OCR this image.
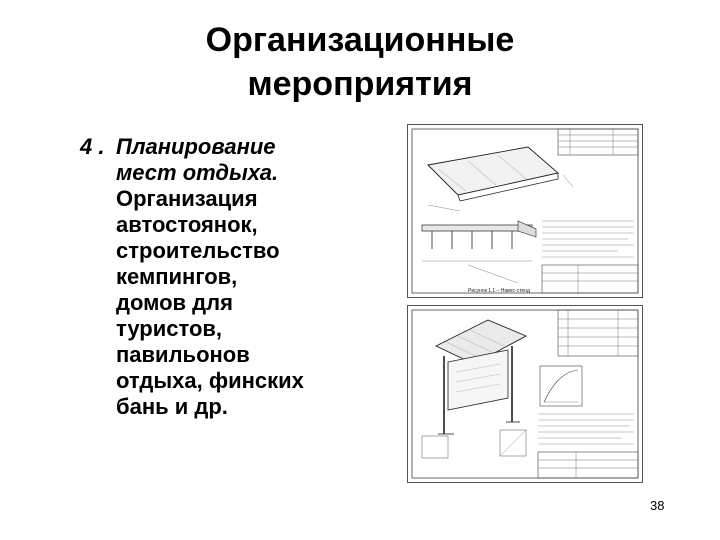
Организационные
мероприятия
4 . Планирование
мест отдыха.
Организация
автостоянок,
строительство
кемпингов,
домов для
туристов,
павильонов
отдыха, финских
бань и др.
Рисунок 1.1 – Навес-стенд
38
